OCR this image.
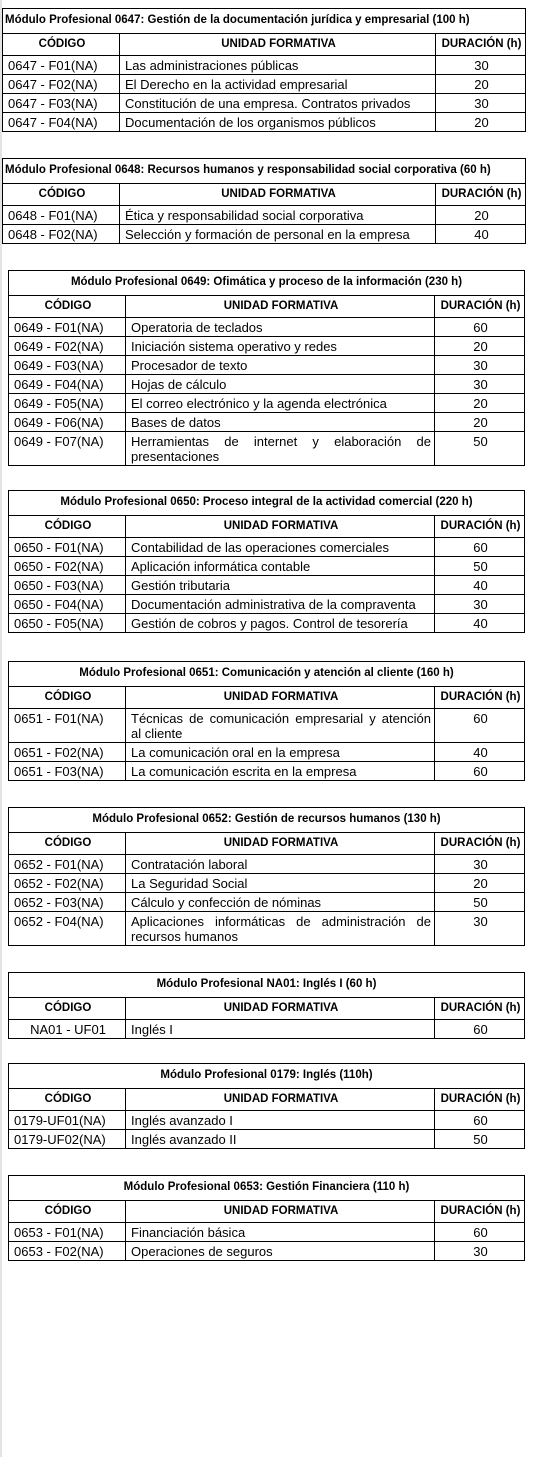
Módulo Profesional 0647: Gestión de la documentación jurídica y empresarial (100 h)		
CÓDIGO	UNIDAD FORMATIVA	DURACIÓN (h)
0647 - F01(NA)	Las administraciones públicas	30
0647 - F02(NA)	El Derecho en la actividad empresarial	20
0647 - F03(NA)	Constitución de una empresa. Contratos privados	30
0647 - F04(NA)	Documentación de los organismos públicos	20
Módulo Profesional 0648: Recursos humanos y responsabilidad social corporativa (60 h)		
CÓDIGO	UNIDAD FORMATIVA	DURACIÓN (h)
0648 - F01(NA)	Ética y responsabilidad social corporativa	20
0648 - F02(NA)	Selección y formación de personal en la empresa	40
Módulo Profesional 0649: Ofimática y proceso de la información (230 h)		
CÓDIGO	UNIDAD FORMATIVA	DURACIÓN (h)
0649 - F01(NA)	Operatoria de teclados	60
0649 - F02(NA)	Iniciación sistema operativo y redes	20
0649 - F03(NA)	Procesador de texto	30
0649 - F04(NA)	Hojas de cálculo	30
0649 - F05(NA)	El correo electrónico y la agenda electrónica	20
0649 - F06(NA)	Bases de datos	20
0649 - F07(NA)	Herramientas de internet y elaboración de presentaciones	50
Módulo Profesional 0650: Proceso integral de la actividad comercial (220 h)		
CÓDIGO	UNIDAD FORMATIVA	DURACIÓN (h)
0650 - F01(NA)	Contabilidad de las operaciones comerciales	60
0650 - F02(NA)	Aplicación informática contable	50
0650 - F03(NA)	Gestión tributaria	40
0650 - F04(NA)	Documentación administrativa de la compraventa	30
0650 - F05(NA)	Gestión de cobros y pagos. Control de tesorería	40
Módulo Profesional 0651: Comunicación y atención al cliente (160 h)		
CÓDIGO	UNIDAD FORMATIVA	DURACIÓN (h)
0651 - F01(NA)	Técnicas de comunicación empresarial y atención al cliente	60
0651 - F02(NA)	La comunicación oral en la empresa	40
0651 - F03(NA)	La comunicación escrita en la empresa	60
Módulo Profesional 0652: Gestión de recursos humanos (130 h)		
CÓDIGO	UNIDAD FORMATIVA	DURACIÓN (h)
0652 - F01(NA)	Contratación laboral	30
0652 - F02(NA)	La Seguridad Social	20
0652 - F03(NA)	Cálculo y confección de nóminas	50
0652 - F04(NA)	Aplicaciones informáticas de administración de recursos humanos	30
Módulo Profesional NA01: Inglés I (60 h)		
CÓDIGO	UNIDAD FORMATIVA	DURACIÓN (h)
NA01 - UF01	Inglés I	60
Módulo Profesional 0179: Inglés (110h)		
CÓDIGO	UNIDAD FORMATIVA	DURACIÓN (h)
0179-UF01(NA)	Inglés avanzado I	60
0179-UF02(NA)	Inglés avanzado II	50
Módulo Profesional 0653: Gestión Financiera (110 h)		
CÓDIGO	UNIDAD FORMATIVA	DURACIÓN (h)
0653 - F01(NA)	Financiación básica	60
0653 - F02(NA)	Operaciones de seguros	30
